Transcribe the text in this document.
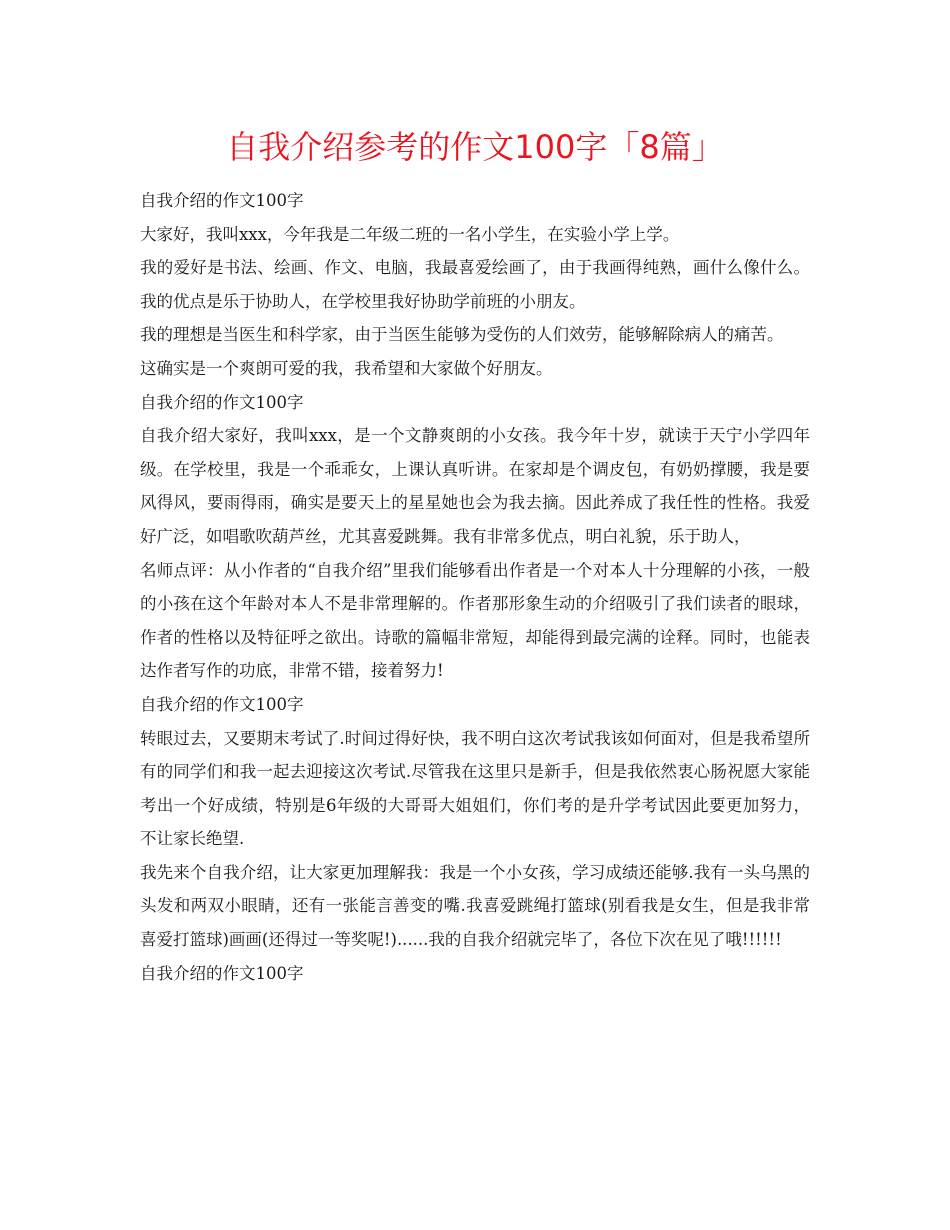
自我介绍参考的作文100字「8篇」

自我介绍的作文100字

大家好，我叫xxx，今年我是二年级二班的一名小学生，在实验小学上学。

我的爱好是书法、绘画、作文、电脑，我最喜爱绘画了，由于我画得纯熟，画什么像什么。我的优点是乐于协助人，在学校里我好协助学前班的小朋友。

我的理想是当医生和科学家，由于当医生能够为受伤的人们效劳，能够解除病人的痛苦。

这确实是一个爽朗可爱的我，我希望和大家做个好朋友。

自我介绍的作文100字

自我介绍大家好，我叫xxx，是一个文静爽朗的小女孩。我今年十岁，就读于天宁小学四年级。在学校里，我是一个乖乖女，上课认真听讲。在家却是个调皮包，有奶奶撑腰，我是要风得风，要雨得雨，确实是要天上的星星她也会为我去摘。因此养成了我任性的性格。我爱好广泛，如唱歌吹葫芦丝，尤其喜爱跳舞。我有非常多优点，明白礼貌，乐于助人，

名师点评：从小作者的“自我介绍”里我们能够看出作者是一个对本人十分理解的小孩，一般的小孩在这个年龄对本人不是非常理解的。作者那形象生动的介绍吸引了我们读者的眼球，作者的性格以及特征呼之欲出。诗歌的篇幅非常短，却能得到最完满的诠释。同时，也能表达作者写作的功底，非常不错，接着努力!

自我介绍的作文100字

转眼过去，又要期末考试了.时间过得好快，我不明白这次考试我该如何面对，但是我希望所有的同学们和我一起去迎接这次考试.尽管我在这里只是新手，但是我依然衷心肠祝愿大家能考出一个好成绩，特别是6年级的大哥哥大姐姐们，你们考的是升学考试因此要更加努力，不让家长绝望.

我先来个自我介绍，让大家更加理解我：我是一个小女孩，学习成绩还能够.我有一头乌黑的头发和两双小眼睛，还有一张能言善变的嘴.我喜爱跳绳打篮球(别看我是女生，但是我非常喜爱打篮球)画画(还得过一等奖呢!)......我的自我介绍就完毕了，各位下次在见了哦!!!!!!

自我介绍的作文100字
